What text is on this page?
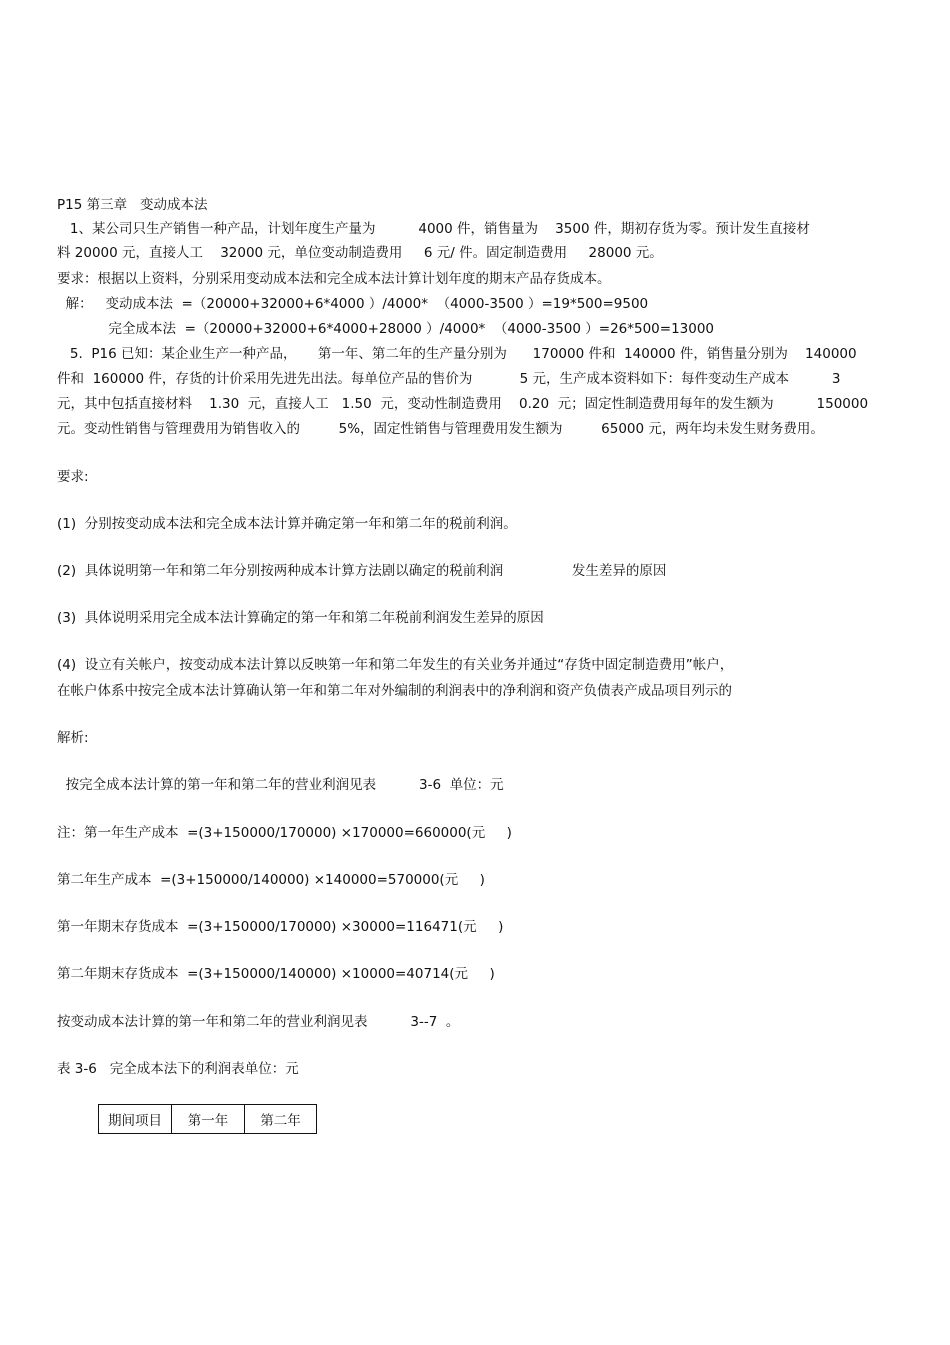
P15 第三章   变动成本法
1、某公司只生产销售一种产品，计划年度生产量为          4000 件，销售量为    3500 件，期初存货为零。预计发生直接材
料 20000 元，直接人工    32000 元，单位变动制造费用     6 元/ 件。固定制造费用     28000 元。
要求：根据以上资料，分别采用变动成本法和完全成本法计算计划年度的期末产品存货成本。
解：   变动成本法  =（20000+32000+6*4000 ）/4000*  （4000-3500 ）=19*500=9500
完全成本法  =（20000+32000+6*4000+28000 ）/4000*  （4000-3500 ）=26*500=13000
5.  P16 已知：某企业生产一种产品，     第一年、第二年的生产量分别为      170000 件和  140000 件，销售量分别为    140000
件和  160000 件，存货的计价采用先进先出法。每单位产品的售价为           5 元，生产成本资料如下：每件变动生产成本          3
元，其中包括直接材料    1.30  元，直接人工   1.50  元，变动性制造费用    0.20  元；固定性制造费用每年的发生额为          150000
元。变动性销售与管理费用为销售收入的         5%，固定性销售与管理费用发生额为         65000 元，两年均未发生财务费用。
要求:
(1)  分别按变动成本法和完全成本法计算并确定第一年和第二年的税前利润。
(2)  具体说明第一年和第二年分别按两种成本计算方法剧以确定的税前利润                发生差异的原因
(3)  具体说明采用完全成本法计算确定的第一年和第二年税前利润发生差异的原因
(4)  设立有关帐户，按变动成本法计算以反映第一年和第二年发生的有关业务并通过“存货中固定制造费用”帐户，
在帐户体系中按完全成本法计算确认第一年和第二年对外编制的利润表中的净利润和资产负债表产成品项目列示的
解析:
按完全成本法计算的第一年和第二年的营业利润见表          3-6  单位：元
注：第一年生产成本  =(3+150000/170000) ×170000=660000(元     )
第二年生产成本  =(3+150000/140000) ×140000=570000(元     )
第一年期末存货成本  =(3+150000/170000) ×30000=116471(元     )
第二年期末存货成本  =(3+150000/140000) ×10000=40714(元     )
按变动成本法计算的第一年和第二年的营业利润见表          3--7  。
表 3-6   完全成本法下的利润表单位：元
期间项目	第一年	第二年
